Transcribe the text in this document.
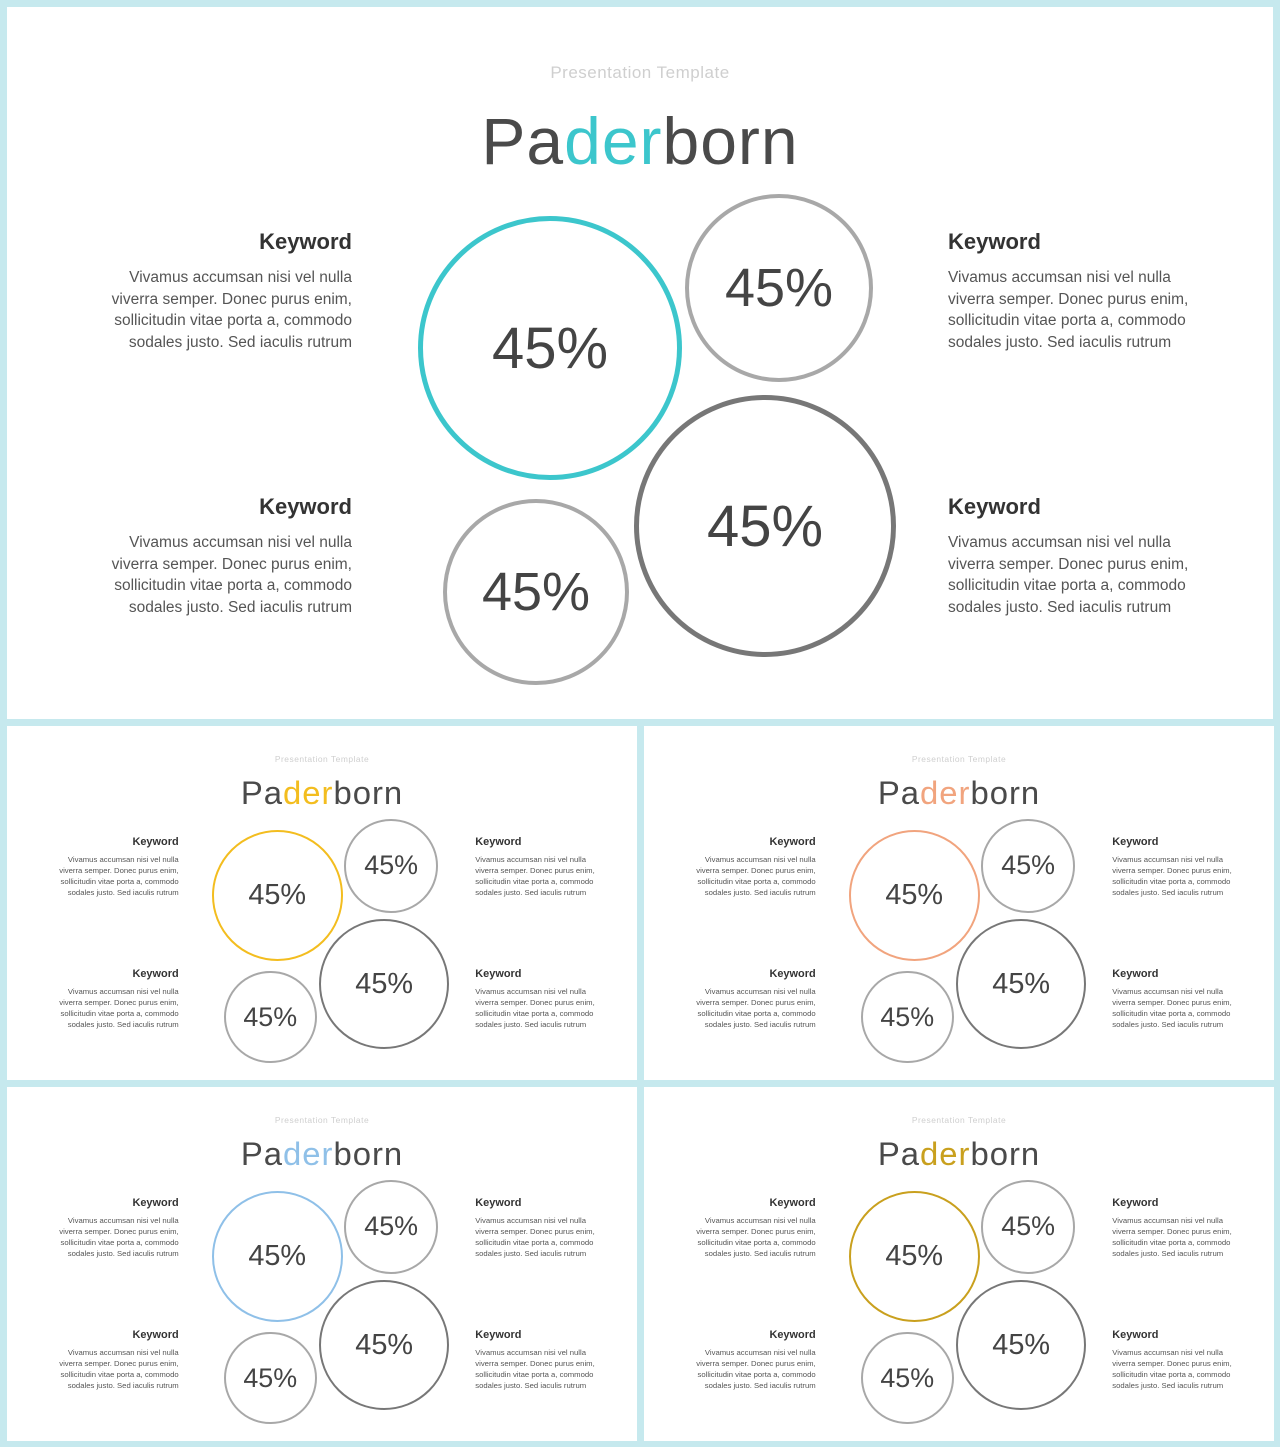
Presentation Template
Paderborn
Keyword
Vivamus accumsan nisi vel nulla viverra semper. Donec purus enim, sollicitudin vitae porta a, commodo sodales justo. Sed iaculis rutrum
Keyword
Vivamus accumsan nisi vel nulla viverra semper. Donec purus enim, sollicitudin vitae porta a, commodo sodales justo. Sed iaculis rutrum
Keyword
Vivamus accumsan nisi vel nulla viverra semper. Donec purus enim, sollicitudin vitae porta a, commodo sodales justo. Sed iaculis rutrum
Keyword
Vivamus accumsan nisi vel nulla viverra semper. Donec purus enim, sollicitudin vitae porta a, commodo sodales justo. Sed iaculis rutrum
45%
45%
45%
45%
Presentation Template
Paderborn
Keyword
Vivamus accumsan nisi vel nulla viverra semper. Donec purus enim, sollicitudin vitae porta a, commodo sodales justo. Sed iaculis rutrum
Keyword
Vivamus accumsan nisi vel nulla viverra semper. Donec purus enim, sollicitudin vitae porta a, commodo sodales justo. Sed iaculis rutrum
Keyword
Vivamus accumsan nisi vel nulla viverra semper. Donec purus enim, sollicitudin vitae porta a, commodo sodales justo. Sed iaculis rutrum
Keyword
Vivamus accumsan nisi vel nulla viverra semper. Donec purus enim, sollicitudin vitae porta a, commodo sodales justo. Sed iaculis rutrum
45%
45%
45%
45%
Presentation Template
Paderborn
Keyword
Vivamus accumsan nisi vel nulla viverra semper. Donec purus enim, sollicitudin vitae porta a, commodo sodales justo. Sed iaculis rutrum
Keyword
Vivamus accumsan nisi vel nulla viverra semper. Donec purus enim, sollicitudin vitae porta a, commodo sodales justo. Sed iaculis rutrum
Keyword
Vivamus accumsan nisi vel nulla viverra semper. Donec purus enim, sollicitudin vitae porta a, commodo sodales justo. Sed iaculis rutrum
Keyword
Vivamus accumsan nisi vel nulla viverra semper. Donec purus enim, sollicitudin vitae porta a, commodo sodales justo. Sed iaculis rutrum
45%
45%
45%
45%
Presentation Template
Paderborn
Keyword
Vivamus accumsan nisi vel nulla viverra semper. Donec purus enim, sollicitudin vitae porta a, commodo sodales justo. Sed iaculis rutrum
Keyword
Vivamus accumsan nisi vel nulla viverra semper. Donec purus enim, sollicitudin vitae porta a, commodo sodales justo. Sed iaculis rutrum
Keyword
Vivamus accumsan nisi vel nulla viverra semper. Donec purus enim, sollicitudin vitae porta a, commodo sodales justo. Sed iaculis rutrum
Keyword
Vivamus accumsan nisi vel nulla viverra semper. Donec purus enim, sollicitudin vitae porta a, commodo sodales justo. Sed iaculis rutrum
45%
45%
45%
45%
Presentation Template
Paderborn
Keyword
Vivamus accumsan nisi vel nulla viverra semper. Donec purus enim, sollicitudin vitae porta a, commodo sodales justo. Sed iaculis rutrum
Keyword
Vivamus accumsan nisi vel nulla viverra semper. Donec purus enim, sollicitudin vitae porta a, commodo sodales justo. Sed iaculis rutrum
Keyword
Vivamus accumsan nisi vel nulla viverra semper. Donec purus enim, sollicitudin vitae porta a, commodo sodales justo. Sed iaculis rutrum
Keyword
Vivamus accumsan nisi vel nulla viverra semper. Donec purus enim, sollicitudin vitae porta a, commodo sodales justo. Sed iaculis rutrum
45%
45%
45%
45%
